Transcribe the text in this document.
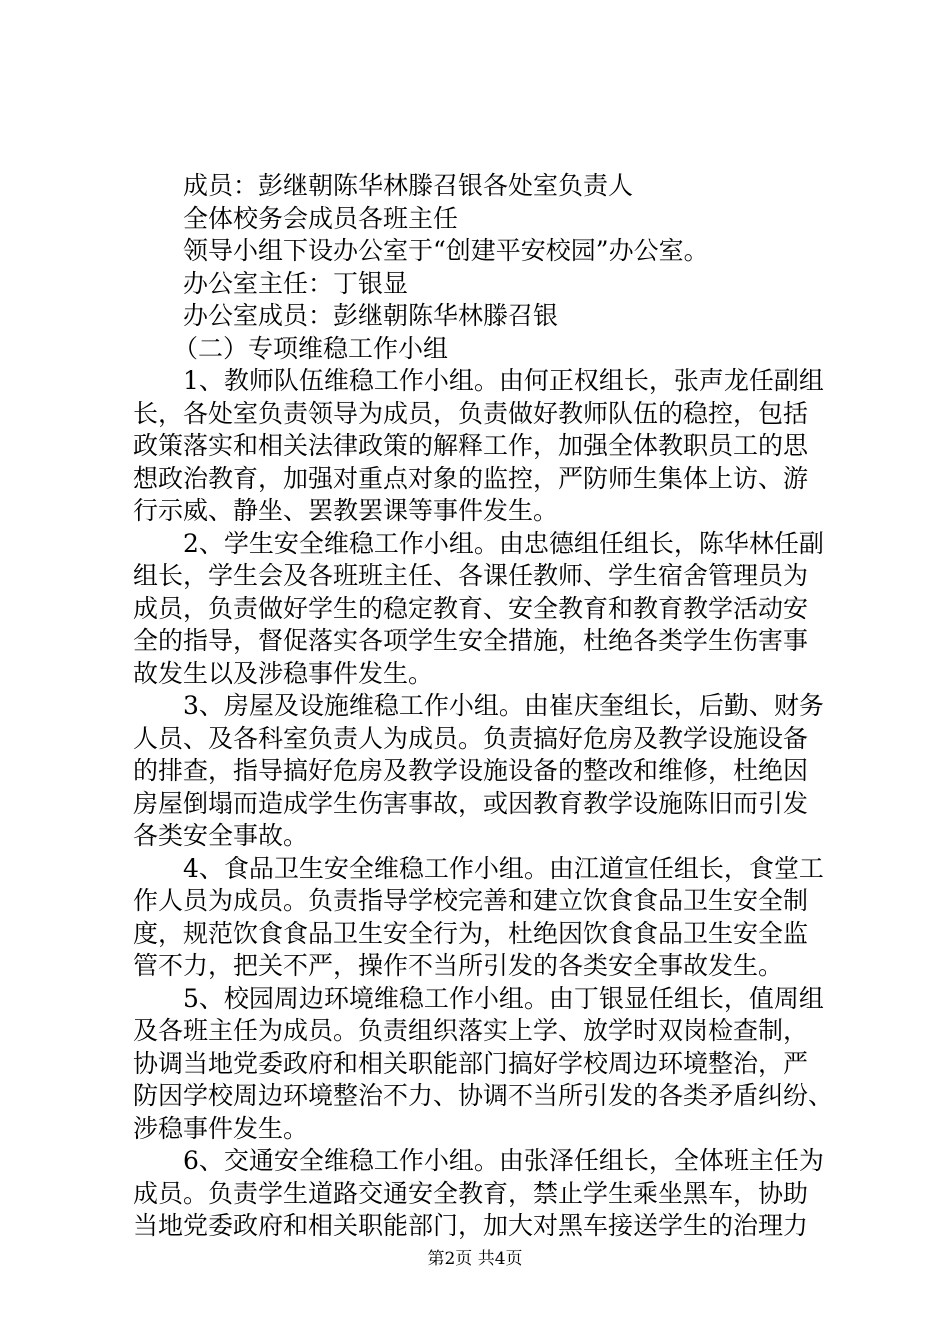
成员：彭继朝陈华林滕召银各处室负责人

全体校务会成员各班主任

领导小组下设办公室于“创建平安校园”办公室。

办公室主任：丁银显

办公室成员：彭继朝陈华林滕召银

（二）专项维稳工作小组

1、教师队伍维稳工作小组。由何正权组长，张声龙任副组

长，各处室负责领导为成员，负责做好教师队伍的稳控，包括

政策落实和相关法律政策的解释工作，加强全体教职员工的思

想政治教育，加强对重点对象的监控，严防师生集体上访、游

行示威、静坐、罢教罢课等事件发生。

2、学生安全维稳工作小组。由忠德组任组长，陈华林任副

组长，学生会及各班班主任、各课任教师、学生宿舍管理员为

成员，负责做好学生的稳定教育、安全教育和教育教学活动安

全的指导，督促落实各项学生安全措施，杜绝各类学生伤害事

故发生以及涉稳事件发生。

3、房屋及设施维稳工作小组。由崔庆奎组长，后勤、财务

人员、及各科室负责人为成员。负责搞好危房及教学设施设备

的排查，指导搞好危房及教学设施设备的整改和维修，杜绝因

房屋倒塌而造成学生伤害事故，或因教育教学设施陈旧而引发

各类安全事故。

4、食品卫生安全维稳工作小组。由江道宣任组长，食堂工

作人员为成员。负责指导学校完善和建立饮食食品卫生安全制

度，规范饮食食品卫生安全行为，杜绝因饮食食品卫生安全监

管不力，把关不严，操作不当所引发的各类安全事故发生。

5、校园周边环境维稳工作小组。由丁银显任组长，值周组

及各班主任为成员。负责组织落实上学、放学时双岗检查制，

协调当地党委政府和相关职能部门搞好学校周边环境整治，严

防因学校周边环境整治不力、协调不当所引发的各类矛盾纠纷、

涉稳事件发生。

6、交通安全维稳工作小组。由张泽任组长，全体班主任为

成员。负责学生道路交通安全教育，禁止学生乘坐黑车，协助

当地党委政府和相关职能部门，加大对黑车接送学生的治理力

第2页 共4页
